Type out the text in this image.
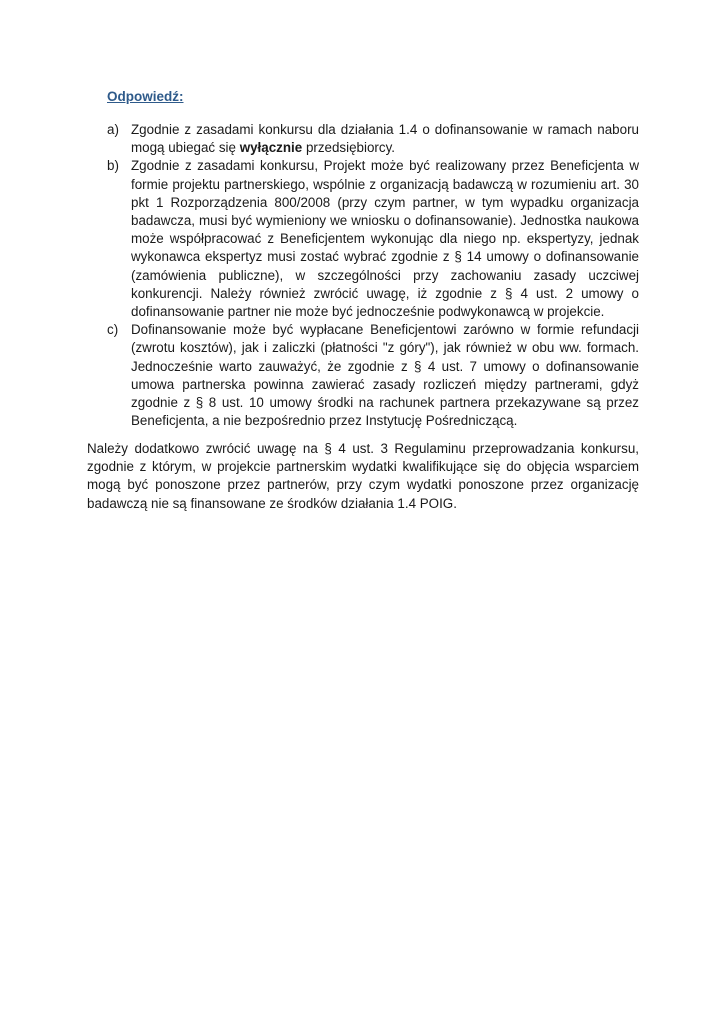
Odpowiedź:
a) Zgodnie z zasadami konkursu dla działania 1.4 o dofinansowanie w ramach naboru mogą ubiegać się wyłącznie przedsiębiorcy.
b) Zgodnie z zasadami konkursu, Projekt może być realizowany przez Beneficjenta w formie projektu partnerskiego, wspólnie z organizacją badawczą w rozumieniu art. 30 pkt 1 Rozporządzenia 800/2008 (przy czym partner, w tym wypadku organizacja badawcza, musi być wymieniony we wniosku o dofinansowanie). Jednostka naukowa może współpracować z Beneficjentem wykonując dla niego np. ekspertyzy, jednak wykonawca ekspertyz musi zostać wybrać zgodnie z § 14 umowy o dofinansowanie (zamówienia publiczne), w szczególności przy zachowaniu zasady uczciwej konkurencji. Należy również zwrócić uwagę, iż zgodnie z § 4 ust. 2 umowy o dofinansowanie partner nie może być jednocześnie podwykonawcą w projekcie.
c) Dofinansowanie może być wypłacane Beneficjentowi zarówno w formie refundacji (zwrotu kosztów), jak i zaliczki (płatności "z góry"), jak również w obu ww. formach. Jednocześnie warto zauważyć, że zgodnie z § 4 ust. 7 umowy o dofinansowanie umowa partnerska powinna zawierać zasady rozliczeń między partnerami, gdyż zgodnie z § 8 ust. 10 umowy środki na rachunek partnera przekazywane są przez Beneficjenta, a nie bezpośrednio przez Instytucję Pośredniczącą.

Należy dodatkowo zwrócić uwagę na § 4 ust. 3 Regulaminu przeprowadzania konkursu, zgodnie z którym, w projekcie partnerskim wydatki kwalifikujące się do objęcia wsparciem mogą być ponoszone przez partnerów, przy czym wydatki ponoszone przez organizację badawczą nie są finansowane ze środków działania 1.4 POIG.
